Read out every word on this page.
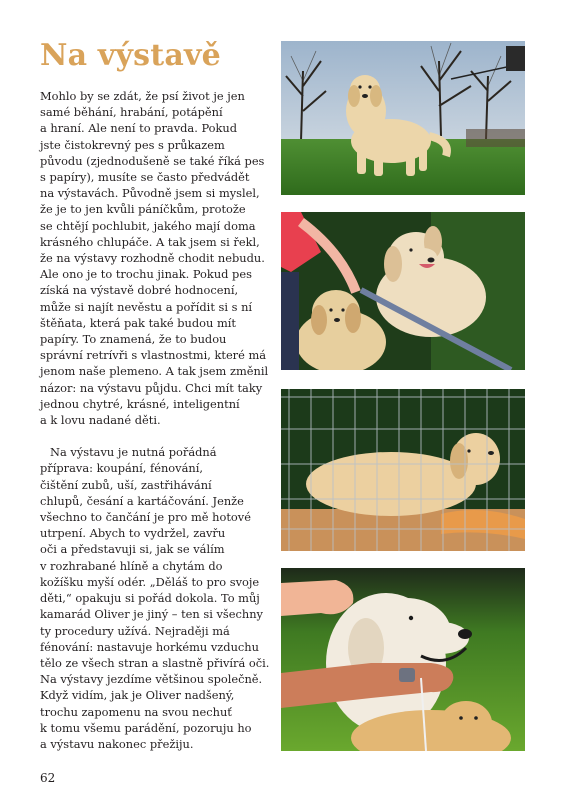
Na výstavě

Mohlo by se zdát, že psí život je jen
samé běhání, hrabání, potápění
a hraní. Ale není to pravda. Pokud
jste čistokrevný pes s průkazem
původu (zjednodušeně se také říká pes
s papíry), musíte se často předvádět
na výstavách. Původně jsem si myslel,
že je to jen kvůli páníčkům, protože
se chtějí pochlubit, jakého mají doma
krásného chlupáče. A tak jsem si řekl,
že na výstavy rozhodně chodit nebudu.
Ale ono je to trochu jinak. Pokud pes
získá na výstavě dobré hodnocení,
může si najít nevěstu a pořídit si s ní
štěňata, která pak také budou mít
papíry. To znamená, že to budou
správní retrívři s vlastnostmi, které má
jenom naše plemeno. A tak jsem změnil
názor: na výstavu půjdu. Chci mít taky
jednou chytré, krásné, inteligentní
a k lovu nadané děti.

Na výstavu je nutná pořádná
příprava: koupání, fénování,
čištění zubů, uší, zastřihávání
chlupů, česání a kartáčování. Jenže
všechno to čančání je pro mě hotové
utrpení. Abych to vydržel, zavřu
oči a představuji si, jak se válím
v rozhrabané hlíně a chytám do
kožíšku myší odér. „Děláš to pro svoje
děti,“ opakuju si pořád dokola. To můj
kamarád Oliver je jiný – ten si všechny
ty procedury užívá. Nejraději má
fénování: nastavuje horkému vzduchu
tělo ze všech stran a slastně přivírá oči.
Na výstavy jezdíme většinou společně.
Když vidím, jak je Oliver nadšený,
trochu zapomenu na svou nechuť
k tomu všemu parádění, pozoruju ho
a výstavu nakonec přežiju.

62
